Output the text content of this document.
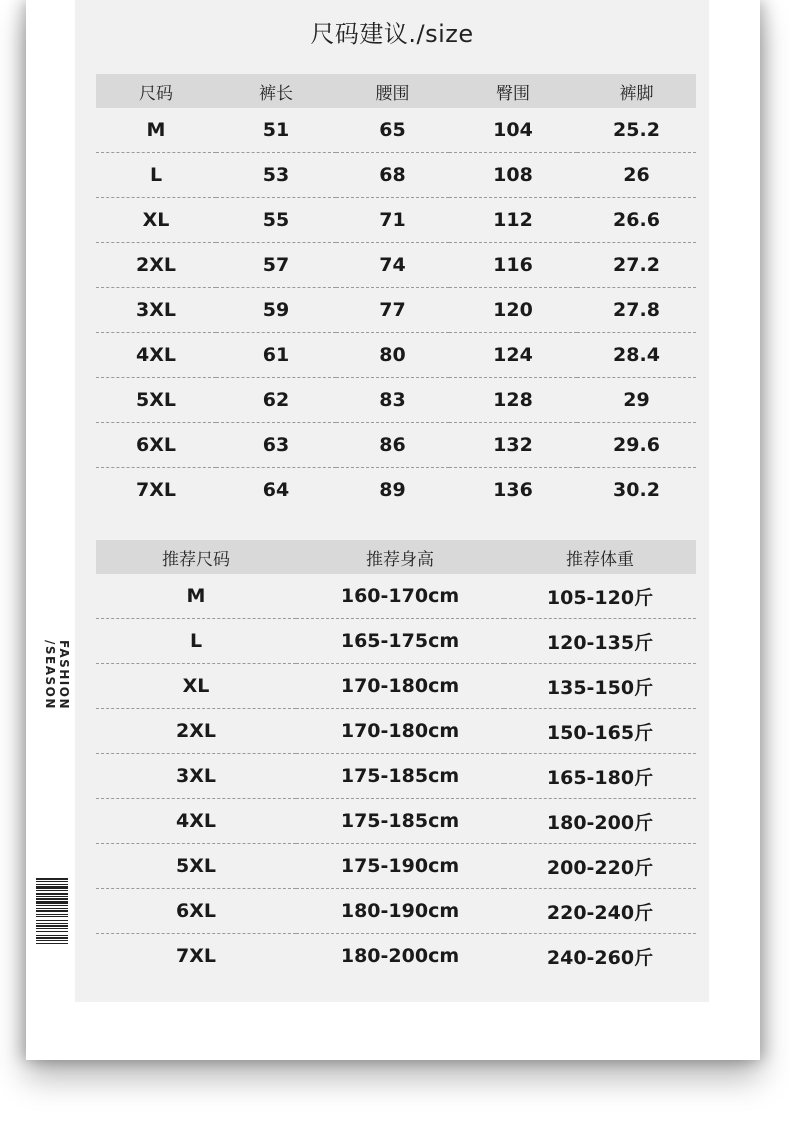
尺码建议./size
尺码	裤长	腰围	臀围	裤脚
M	51	65	104	25.2
L	53	68	108	26
XL	55	71	112	26.6
2XL	57	74	116	27.2
3XL	59	77	120	27.8
4XL	61	80	124	28.4
5XL	62	83	128	29
6XL	63	86	132	29.6
7XL	64	89	136	30.2
推荐尺码	推荐身高	推荐体重
M	160-170cm	105-120斤
L	165-175cm	120-135斤
XL	170-180cm	135-150斤
2XL	170-180cm	150-165斤
3XL	175-185cm	165-180斤
4XL	175-185cm	180-200斤
5XL	175-190cm	200-220斤
6XL	180-190cm	220-240斤
7XL	180-200cm	240-260斤
FASHION /SEASON
